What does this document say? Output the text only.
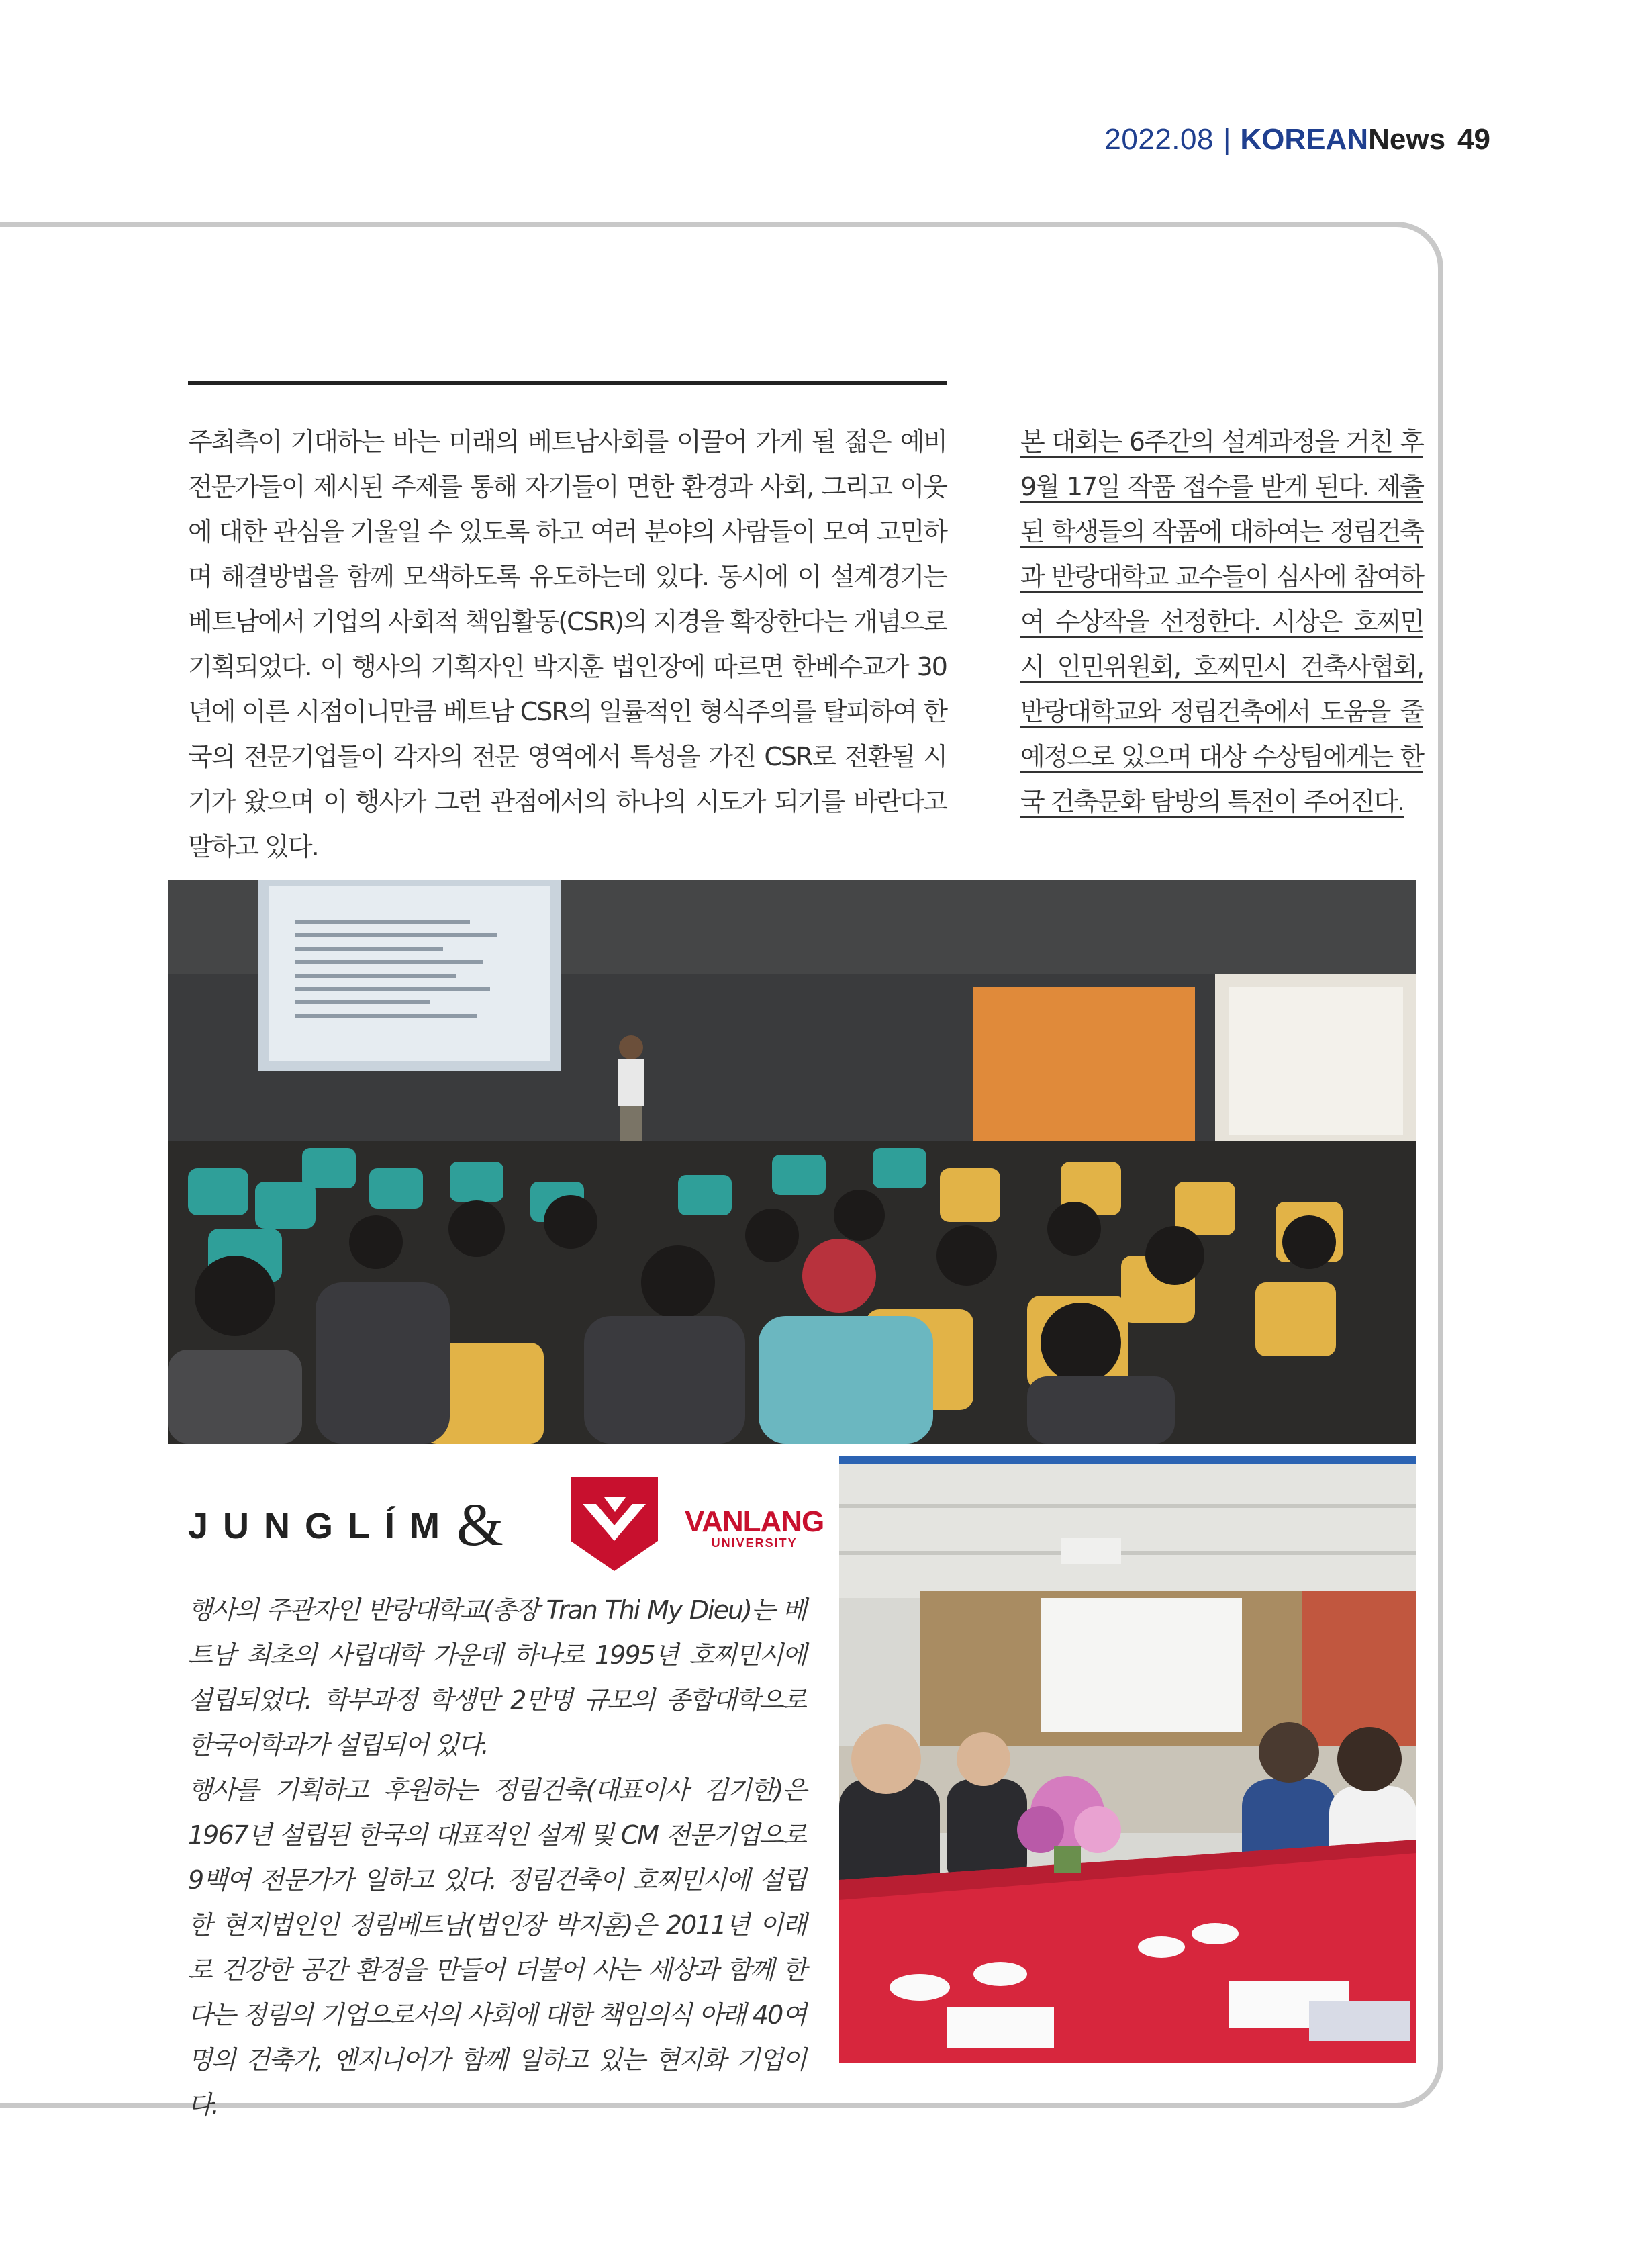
2022.08 | KOREAN News 49

주최측이 기대하는 바는 미래의 베트남사회를 이끌어 가게 될 젊은 예비전문가들이 제시된 주제를 통해 자기들이 면한 환경과 사회, 그리고 이웃에 대한 관심을 기울일 수 있도록 하고 여러 분야의 사람들이 모여 고민하며 해결방법을 함께 모색하도록 유도하는데 있다. 동시에 이 설계경기는 베트남에서 기업의 사회적 책임활동(CSR)의 지경을 확장한다는 개념으로 기획되었다. 이 행사의 기획자인 박지훈 법인장에 따르면 한베수교가 30년에 이른 시점이니만큼 베트남 CSR의 일률적인 형식주의를 탈피하여 한국의 전문기업들이 각자의 전문 영역에서 특성을 가진 CSR로 전환될 시기가 왔으며 이 행사가 그런 관점에서의 하나의 시도가 되기를 바란다고 말하고 있다.

본 대회는 6주간의 설계과정을 거친 후 9월 17일 작품 접수를 받게 된다. 제출된 학생들의 작품에 대하여는 정림건축과 반랑대학교 교수들이 심사에 참여하여 수상작을 선정한다. 시상은 호찌민시 인민위원회, 호찌민시 건축사협회, 반랑대학교와 정림건축에서 도움을 줄 예정으로 있으며 대상 수상팀에게는 한국 건축문화 탐방의 특전이 주어진다.

JUNGLÍM &	VANLANG
UNIVERSITY

행사의 주관자인 반랑대학교(총장 Tran Thi My Dieu)는 베트남 최초의 사립대학 가운데 하나로 1995년 호찌민시에 설립되었다. 학부과정 학생만 2만명 규모의 종합대학으로 한국어학과가 설립되어 있다.

행사를 기획하고 후원하는 정림건축(대표이사 김기한)은 1967년 설립된 한국의 대표적인 설계 및 CM 전문기업으로 9백여 전문가가 일하고 있다. 정림건축이 호찌민시에 설립한 현지법인인 정림베트남(법인장 박지훈)은 2011년 이래로 건강한 공간 환경을 만들어 더불어 사는 세상과 함께 한다는 정림의 기업으로서의 사회에 대한 책임의식 아래 40여 명의 건축가, 엔지니어가 함께 일하고 있는 현지화 기업이다.
